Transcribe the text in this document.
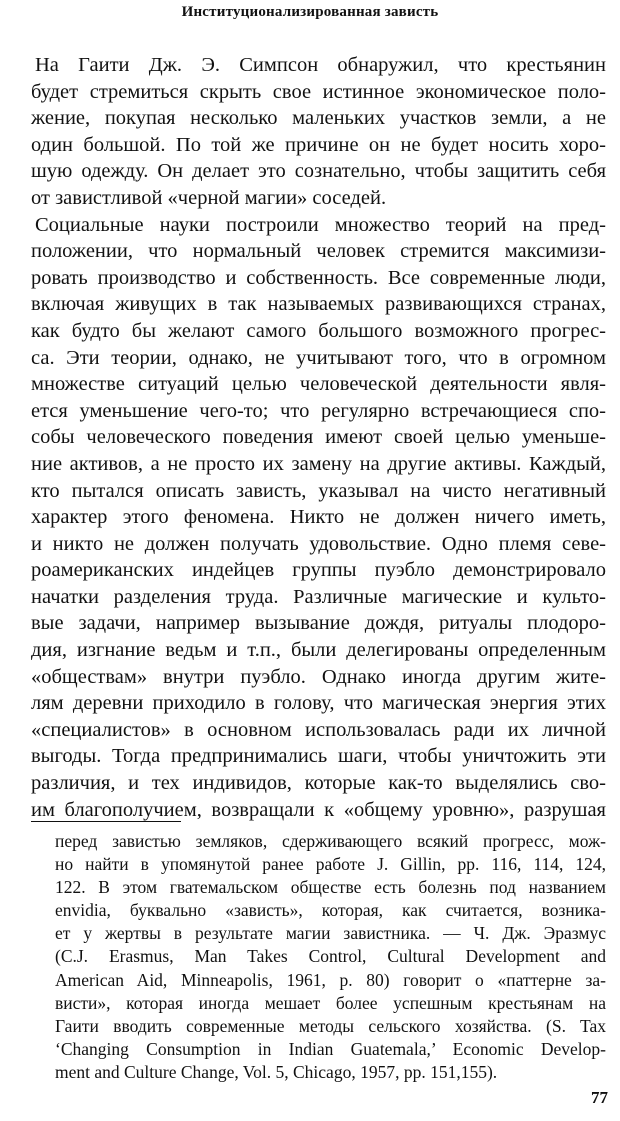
Институционализированная зависть
На Гаити Дж. Э. Симпсон обнаружил, что крестьянин
будет стремиться скрыть свое истинное экономическое поло-
жение, покупая несколько маленьких участков земли, а не
один большой. По той же причине он не будет носить хоро-
шую одежду. Он делает это сознательно, чтобы защитить себя
от завистливой «черной магии» соседей.
Социальные науки построили множество теорий на пред-
положении, что нормальный человек стремится максимизи-
ровать производство и собственность. Все современные люди,
включая живущих в так называемых развивающихся странах,
как будто бы желают самого большого возможного прогрес-
са. Эти теории, однако, не учитывают того, что в огромном
множестве ситуаций целью человеческой деятельности явля-
ется уменьшение чего-то; что регулярно встречающиеся спо-
собы человеческого поведения имеют своей целью уменьше-
ние активов, а не просто их замену на другие активы. Каждый,
кто пытался описать зависть, указывал на чисто негативный
характер этого феномена. Никто не должен ничего иметь,
и никто не должен получать удовольствие. Одно племя севе-
роамериканских индейцев группы пуэбло демонстрировало
начатки разделения труда. Различные магические и культо-
вые задачи, например вызывание дождя, ритуалы плодоро-
дия, изгнание ведьм и т.п., были делегированы определенным
«обществам» внутри пуэбло. Однако иногда другим жите-
лям деревни приходило в голову, что магическая энергия этих
«специалистов» в основном использовалась ради их личной
выгоды. Тогда предпринимались шаги, чтобы уничтожить эти
различия, и тех индивидов, которые как-то выделялись сво-
им благополучием, возвращали к «общему уровню», разрушая
перед завистью земляков, сдерживающего всякий прогресс, мож-
но найти в упомянутой ранее работе J. Gillin, pp. 116, 114, 124,
122. В этом гватемальском обществе есть болезнь под названием
envidia, буквально «зависть», которая, как считается, возника-
ет у жертвы в результате магии завистника. — Ч. Дж. Эразмус
(C.J. Erasmus, Man Takes Control, Cultural Development and
American Aid, Minneapolis, 1961, p. 80) говорит о «паттерне за-
висти», которая иногда мешает более успешным крестьянам на
Гаити вводить современные методы сельского хозяйства. (S. Tax
‘Changing Consumption in Indian Guatemala,’ Economic Develop-
ment and Culture Change, Vol. 5, Chicago, 1957, pp. 151,155).
77
